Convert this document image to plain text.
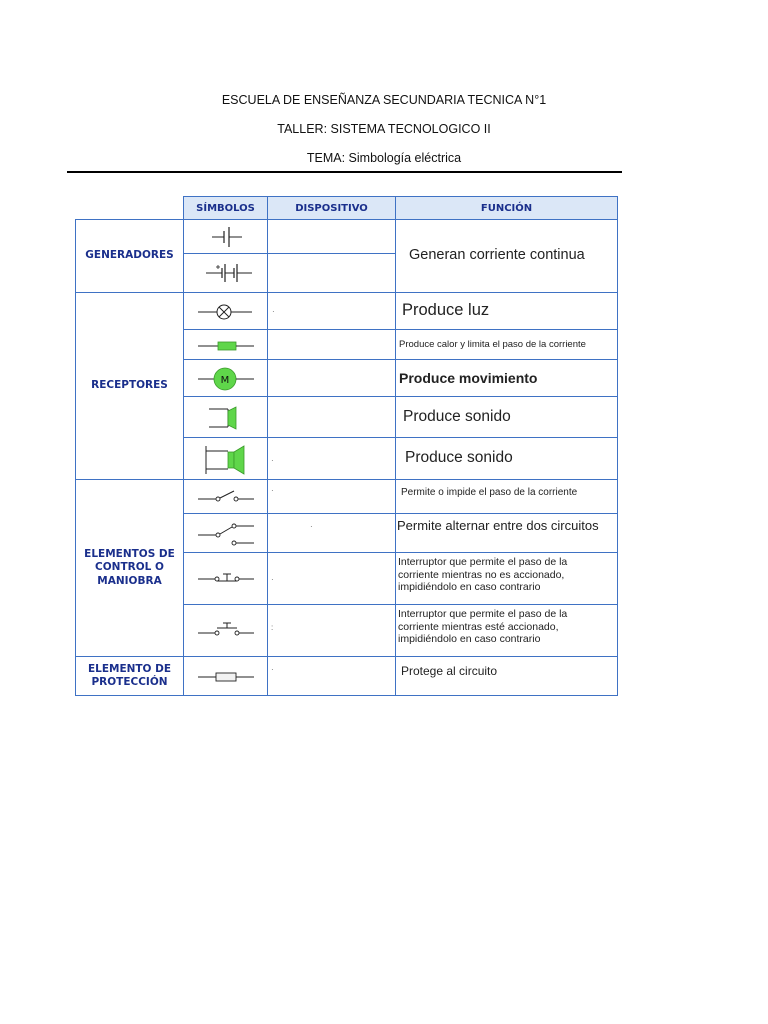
ESCUELA DE ENSEÑANZA SECUNDARIA TECNICA N°1
TALLER: SISTEMA TECNOLOGICO II
TEMA: Simbología eléctrica
SÍMBOLOS	DISPOSITIVO	FUNCIÓN
GENERADORES
RECEPTORES
ELEMENTOS DE
CONTROL O
MANIOBRA
ELEMENTO DE
PROTECCIÓN
M
·
·
·
·
·
:
·
Generan corriente continua
Produce luz
Produce calor y limita el paso de la corriente
Produce movimiento
Produce sonido
Produce sonido
Permite o impide el paso de la corriente
Permite alternar entre dos circuitos
Interruptor que permite el paso de la
corriente mientras no es accionado,
impidiéndolo en caso contrario
Interruptor que permite el paso de la
corriente mientras esté accionado,
impidiéndolo en caso contrario
Protege al circuito
